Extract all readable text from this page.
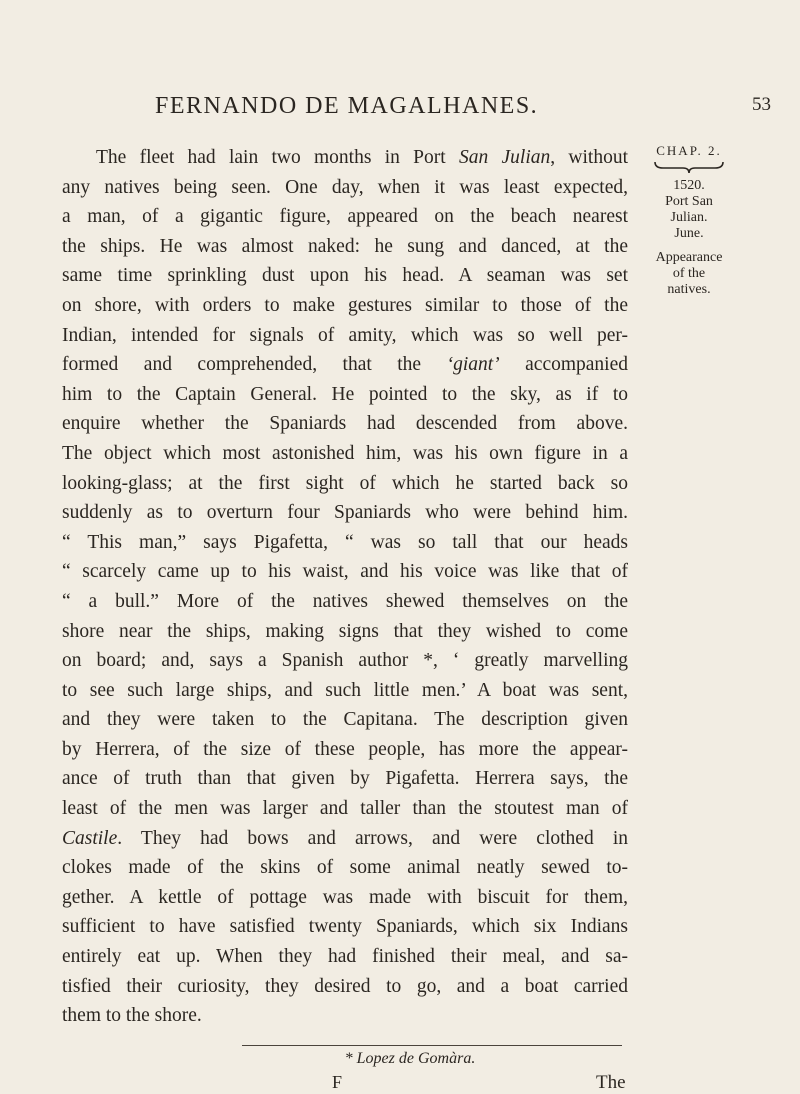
FERNANDO DE MAGALHANES.	53
The fleet had lain two months in Port San Julian, without
any natives being seen. One day, when it was least expected,
a man, of a gigantic figure, appeared on the beach nearest
the ships. He was almost naked: he sung and danced, at the
same time sprinkling dust upon his head. A seaman was set
on shore, with orders to make gestures similar to those of the
Indian, intended for signals of amity, which was so well per-
formed and comprehended, that the ‘giant’ accompanied
him to the Captain General. He pointed to the sky, as if to
enquire whether the Spaniards had descended from above.
The object which most astonished him, was his own figure in a
looking-glass; at the first sight of which he started back so
suddenly as to overturn four Spaniards who were behind him.
“ This man,” says Pigafetta, “ was so tall that our heads
“ scarcely came up to his waist, and his voice was like that of
“ a bull.” More of the natives shewed themselves on the
shore near the ships, making signs that they wished to come
on board; and, says a Spanish author *, ‘ greatly marvelling
to see such large ships, and such little men.’ A boat was sent,
and they were taken to the Capitana. The description given
by Herrera, of the size of these people, has more the appear-
ance of truth than that given by Pigafetta. Herrera says, the
least of the men was larger and taller than the stoutest man of
Castile. They had bows and arrows, and were clothed in
clokes made of the skins of some animal neatly sewed to-
gether. A kettle of pottage was made with biscuit for them,
sufficient to have satisfied twenty Spaniards, which six Indians
entirely eat up. When they had finished their meal, and sa-
tisfied their curiosity, they desired to go, and a boat carried
them to the shore.
CHAP. 2.
1520.
Port San
Julian.
June.
Appearance
of the
natives.
* Lopez de Gomàra.
F	The
